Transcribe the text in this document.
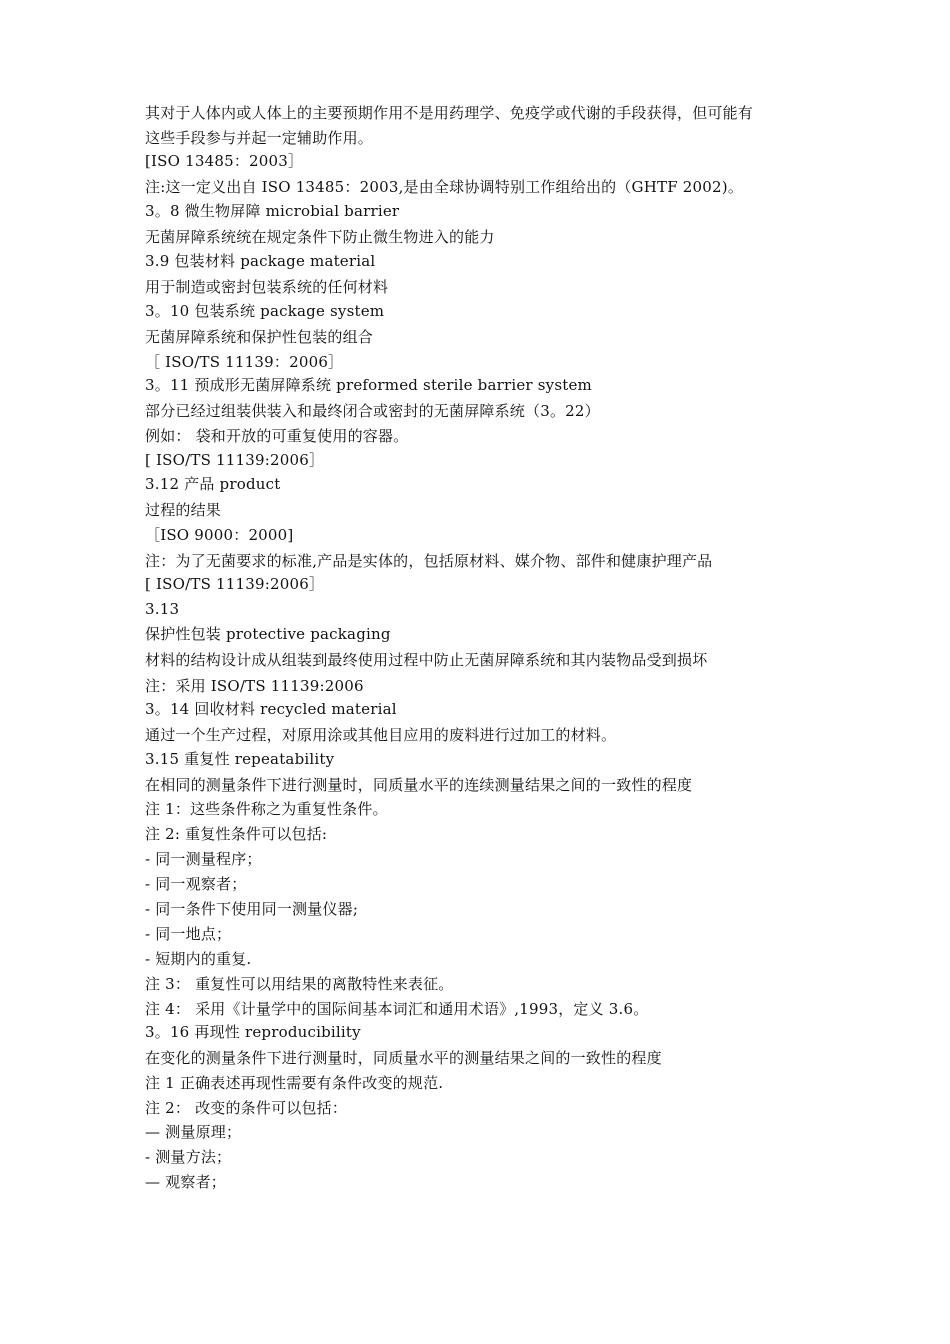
其对于人体内或人体上的主要预期作用不是用药理学、免疫学或代谢的手段获得，但可能有
这些手段参与并起一定辅助作用。
[ISO 13485：2003］
注:这一定义出自 ISO 13485：2003,是由全球协调特别工作组给出的（GHTF 2002)。
3。8 微生物屏障 microbial barrier
无菌屏障系统统在规定条件下防止微生物进入的能力
3.9 包装材料 package material
用于制造或密封包装系统的任何材料
3。10 包装系统 package system
无菌屏障系统和保护性包装的组合
［ ISO/TS 11139：2006］
3。11 预成形无菌屏障系统 preformed sterile barrier system
部分已经过组装供装入和最终闭合或密封的无菌屏障系统（3。22）
例如： 袋和开放的可重复使用的容器。
[ ISO/TS 11139:2006］
3.12 产品 product
过程的结果
［ISO 9000：2000]
注：为了无菌要求的标准,产品是实体的，包括原材料、媒介物、部件和健康护理产品
[ ISO/TS 11139:2006］
3.13
保护性包装 protective packaging
材料的结构设计成从组装到最终使用过程中防止无菌屏障系统和其内装物品受到损坏
注：采用 ISO/TS 11139:2006
3。14 回收材料 recycled material
通过一个生产过程，对原用涂或其他目应用的废料进行过加工的材料。
3.15 重复性 repeatability
在相同的测量条件下进行测量时，同质量水平的连续测量结果之间的一致性的程度
注 1：这些条件称之为重复性条件。
注 2: 重复性条件可以包括:
- 同一测量程序；
- 同一观察者；
- 同一条件下使用同一测量仪器;
- 同一地点；
- 短期内的重复.
注 3： 重复性可以用结果的离散特性来表征。
注 4： 采用《计量学中的国际间基本词汇和通用术语》,1993，定义 3.6。
3。16 再现性 reproducibility
在变化的测量条件下进行测量时，同质量水平的测量结果之间的一致性的程度
注 1 正确表述再现性需要有条件改变的规范.
注 2： 改变的条件可以包括：
— 测量原理；
- 测量方法；
— 观察者；
